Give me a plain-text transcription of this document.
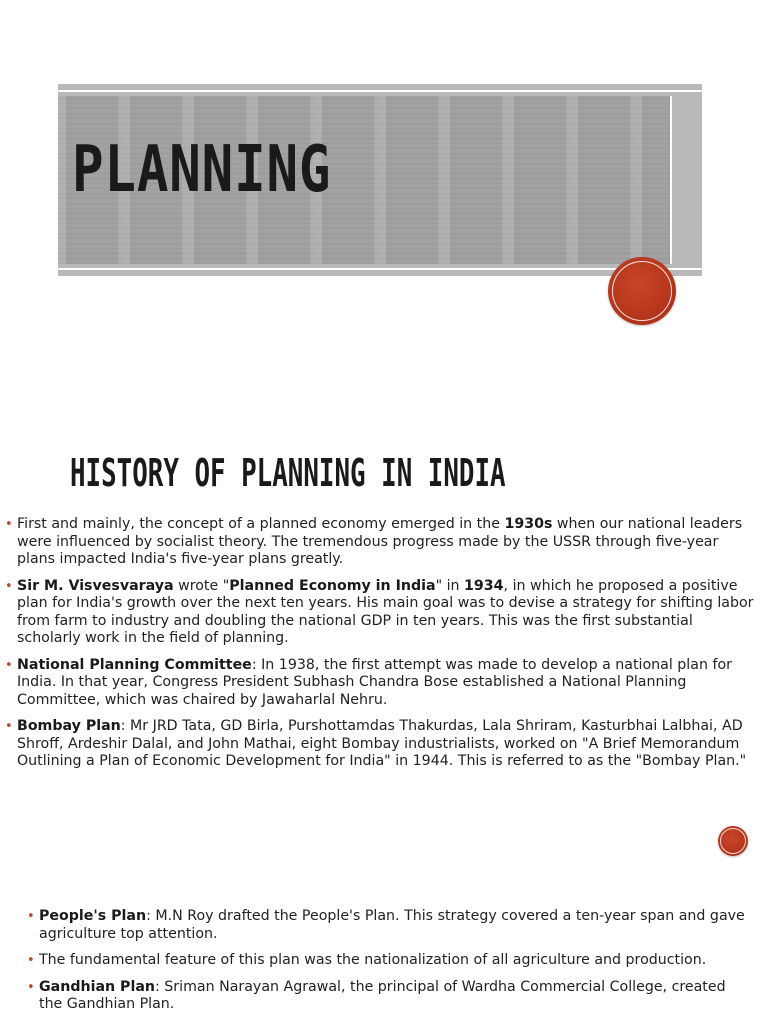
PLANNING
HISTORY OF PLANNING IN INDIA
• First and mainly, the concept of a planned economy emerged in the 1930s when our national leaders were influenced by socialist theory. The tremendous progress made by the USSR through five-year plans impacted India's five-year plans greatly.
• Sir M. Visvesvaraya wrote "Planned Economy in India" in 1934, in which he proposed a positive plan for India's growth over the next ten years. His main goal was to devise a strategy for shifting labor from farm to industry and doubling the national GDP in ten years. This was the first substantial scholarly work in the field of planning.
• National Planning Committee: In 1938, the first attempt was made to develop a national plan for India. In that year, Congress President Subhash Chandra Bose established a National Planning Committee, which was chaired by Jawaharlal Nehru.
• Bombay Plan: Mr JRD Tata, GD Birla, Purshottamdas Thakurdas, Lala Shriram, Kasturbhai Lalbhai, AD Shroff, Ardeshir Dalal, and John Mathai, eight Bombay industrialists, worked on "A Brief Memorandum Outlining a Plan of Economic Development for India" in 1944. This is referred to as the "Bombay Plan."
• People's Plan: M.N Roy drafted the People's Plan. This strategy covered a ten-year span and gave agriculture top attention.
• The fundamental feature of this plan was the nationalization of all agriculture and production.
• Gandhian Plan: Sriman Narayan Agrawal, the principal of Wardha Commercial College, created the Gandhian Plan.
